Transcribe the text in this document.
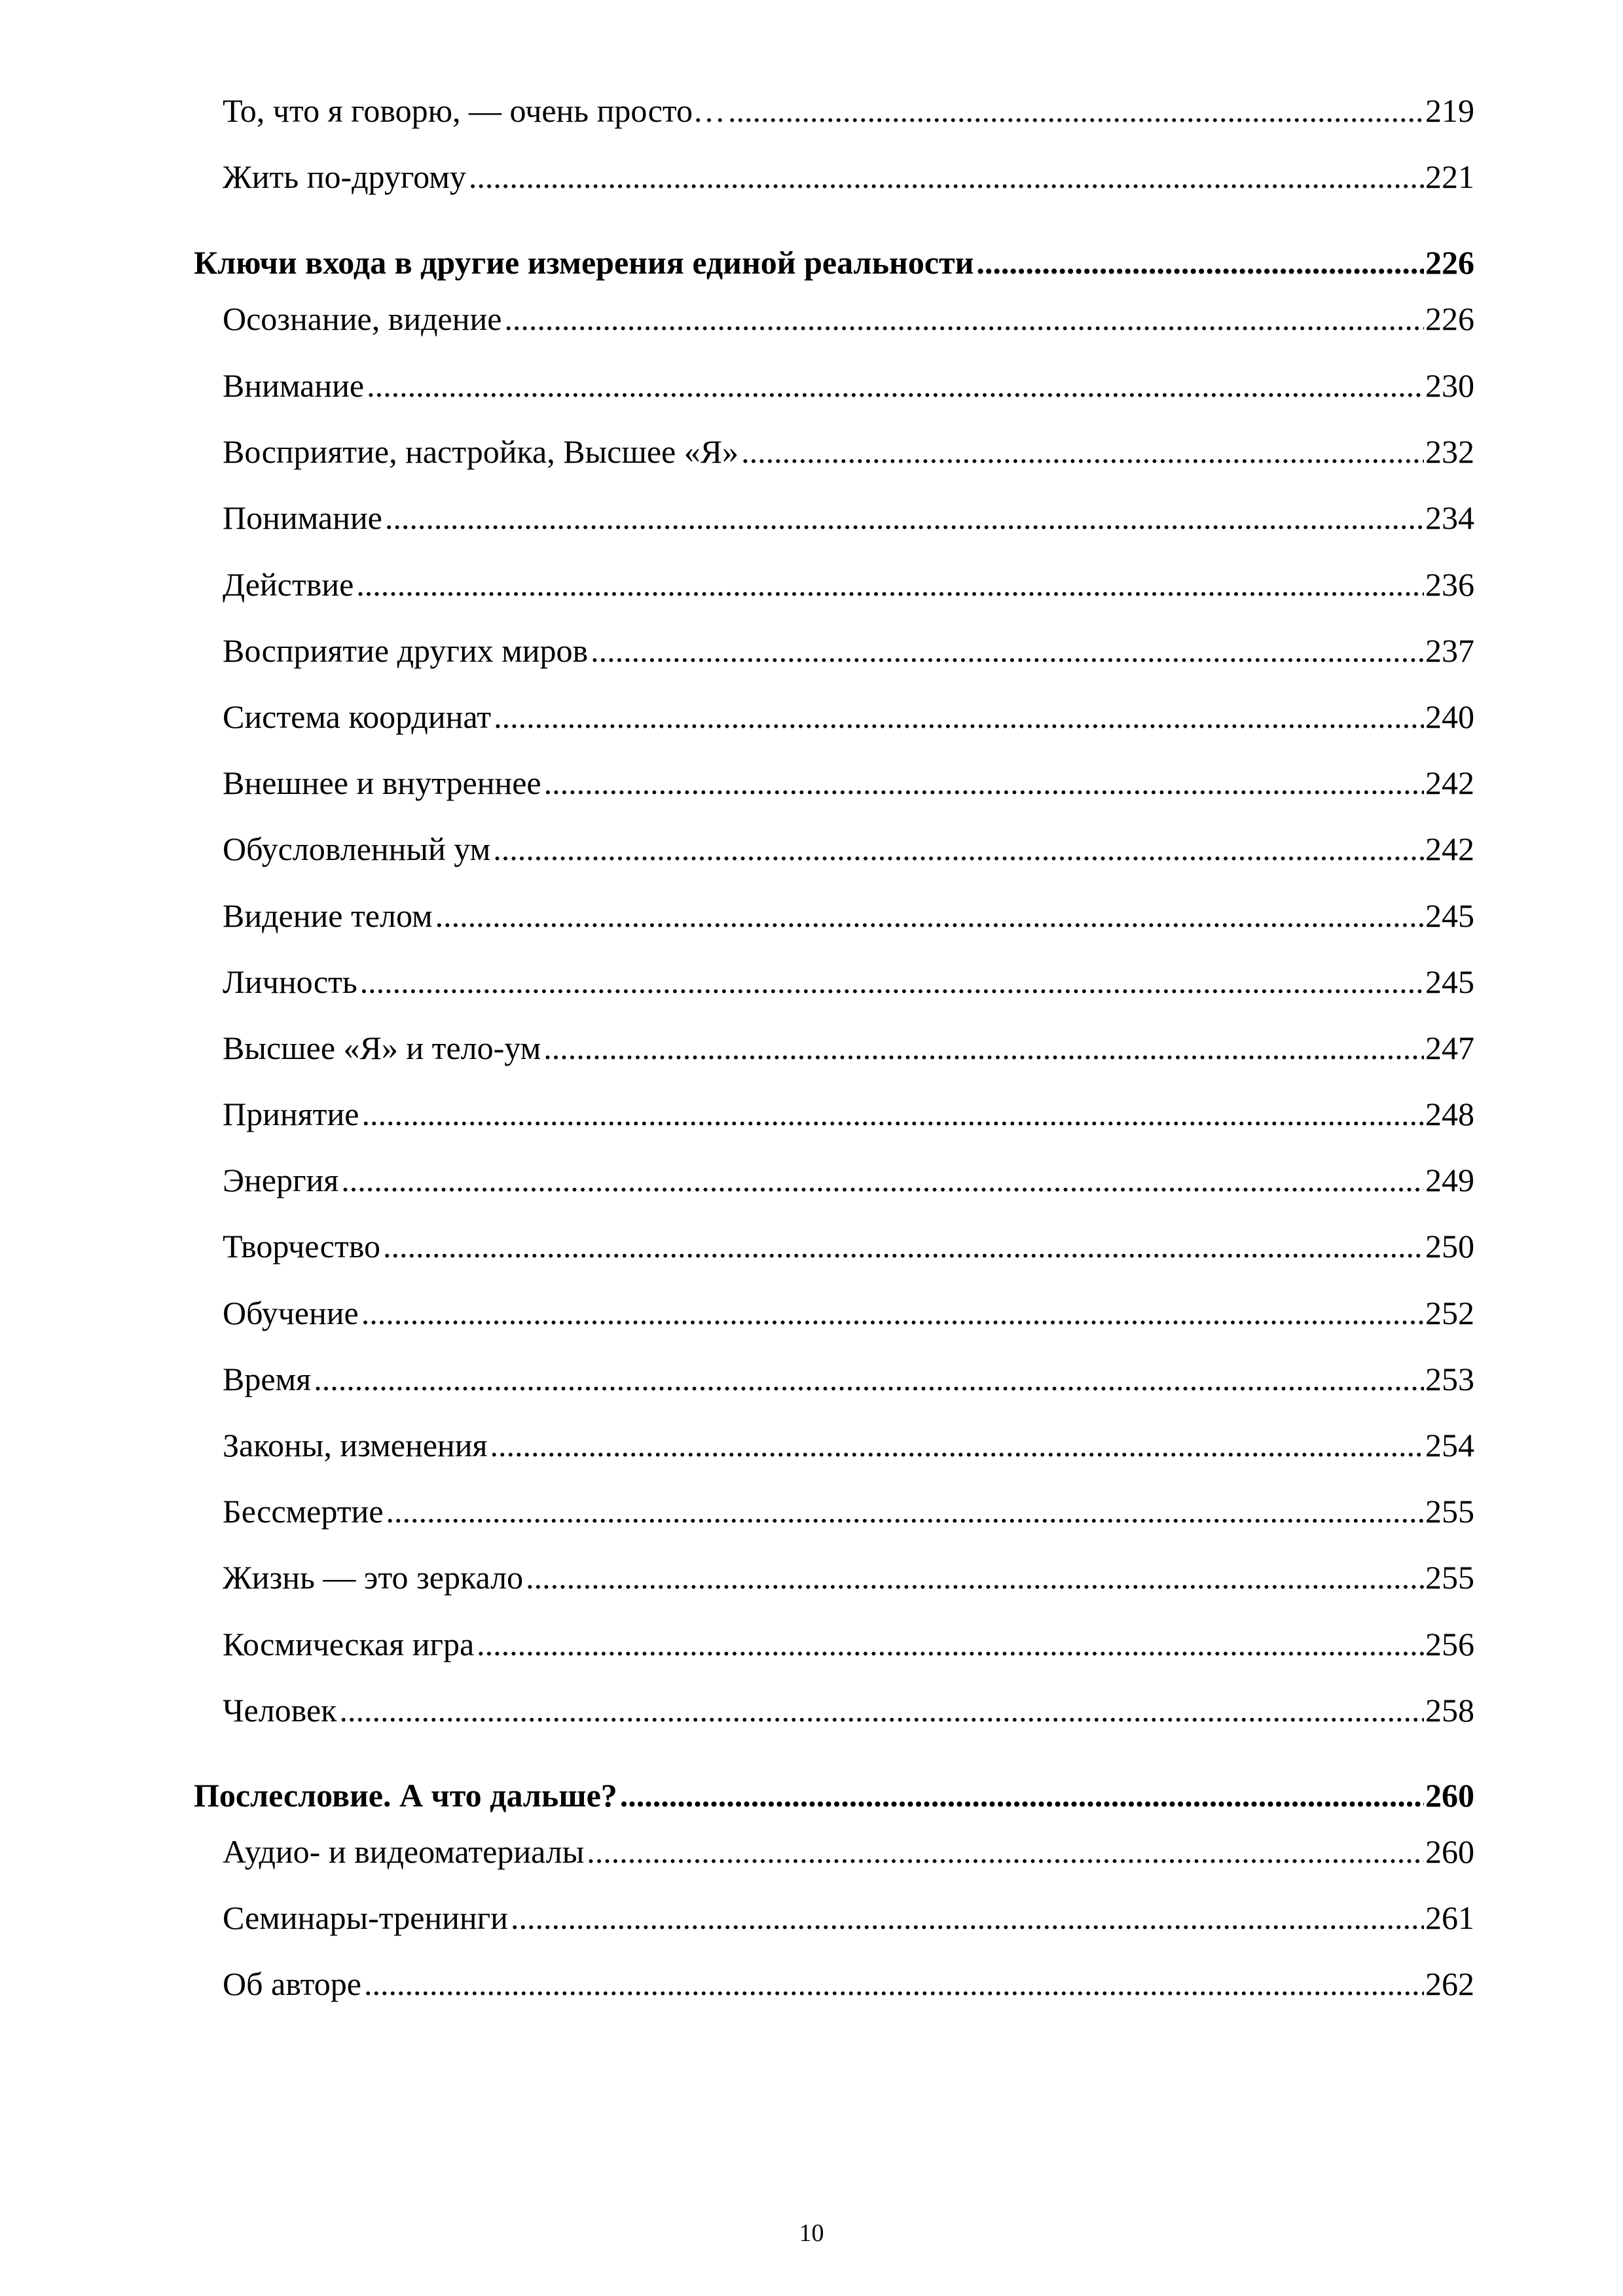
То, что я говорю, — очень просто… .....	219
Жить по-другому .....	221
Ключи входа в другие измерения единой реальности .....	226
Осознание, видение .....	226
Внимание .....	230
Восприятие, настройка, Высшее «Я» .....	232
Понимание .....	234
Действие .....	236
Восприятие других миров .....	237
Система координат .....	240
Внешнее и внутреннее .....	242
Обусловленный ум .....	242
Видение телом .....	245
Личность .....	245
Высшее «Я» и тело-ум .....	247
Принятие .....	248
Энергия .....	249
Творчество .....	250
Обучение .....	252
Время .....	253
Законы, изменения .....	254
Бессмертие .....	255
Жизнь — это зеркало .....	255
Космическая игра .....	256
Человек .....	258
Послесловие. А что дальше? .....	260
Аудио- и видеоматериалы .....	260
Семинары-тренинги .....	261
Об авторе .....	262
10
